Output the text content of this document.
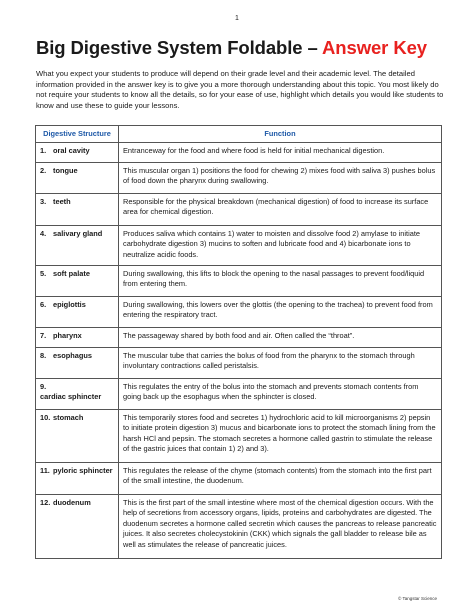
1
Big Digestive System Foldable – Answer Key
What you expect your students to produce will depend on their grade level and their academic level. The detailed information provided in the answer key is to give you a more thorough understanding about this topic. You most likely do not require your students to know all the details, so for your ease of use, highlight which details you would like students to know and use these to guide your lessons.
Digestive Structure	Function
1. oral cavity	Entranceway for the food and where food is held for initial mechanical digestion.
2. tongue	This muscular organ 1) positions the food for chewing 2) mixes food with saliva 3) pushes bolus of food down the pharynx during swallowing.
3. teeth	Responsible for the physical breakdown (mechanical digestion) of food to increase its surface area for chemical digestion.
4. salivary gland	Produces saliva which contains 1) water to moisten and dissolve food 2) amylase to initiate carbohydrate digestion 3) mucins to soften and lubricate food and 4) bicarbonate ions to neutralize acidic foods.
5. soft palate	During swallowing, this lifts to block the opening to the nasal passages to prevent food/liquid from entering them.
6. epiglottis	During swallowing, this lowers over the glottis (the opening to the trachea) to prevent food from entering the respiratory tract.
7. pharynx	The passageway shared by both food and air. Often called the “throat”.
8. esophagus	The muscular tube that carries the bolus of food from the pharynx to the stomach through involuntary contractions called peristalsis.
9.cardiac sphincter	This regulates the entry of the bolus into the stomach and prevents stomach contents from going back up the esophagus when the sphincter is closed.
10. stomach	This temporarily stores food and secretes 1) hydrochloric acid to kill microorganisms 2) pepsin to initiate protein digestion 3) mucus and bicarbonate ions to protect the stomach lining from the harsh HCl and pepsin. The stomach secretes a hormone called gastrin to stimulate the release of the gastric juices that contain 1) 2) and 3).
11. pyloric sphincter	This regulates the release of the chyme (stomach contents) from the stomach into the first part of the small intestine, the duodenum.
12. duodenum	This is the first part of the small intestine where most of the chemical digestion occurs. With the help of secretions from accessory organs, lipids, proteins and carbohydrates are digested. The duodenum secretes a hormone called secretin which causes the pancreas to release pancreatic juices. It also secretes cholecystokinin (CKK) which signals the gall bladder to release bile as well as stimulates the release of pancreatic juices.
© Tangstar Science
